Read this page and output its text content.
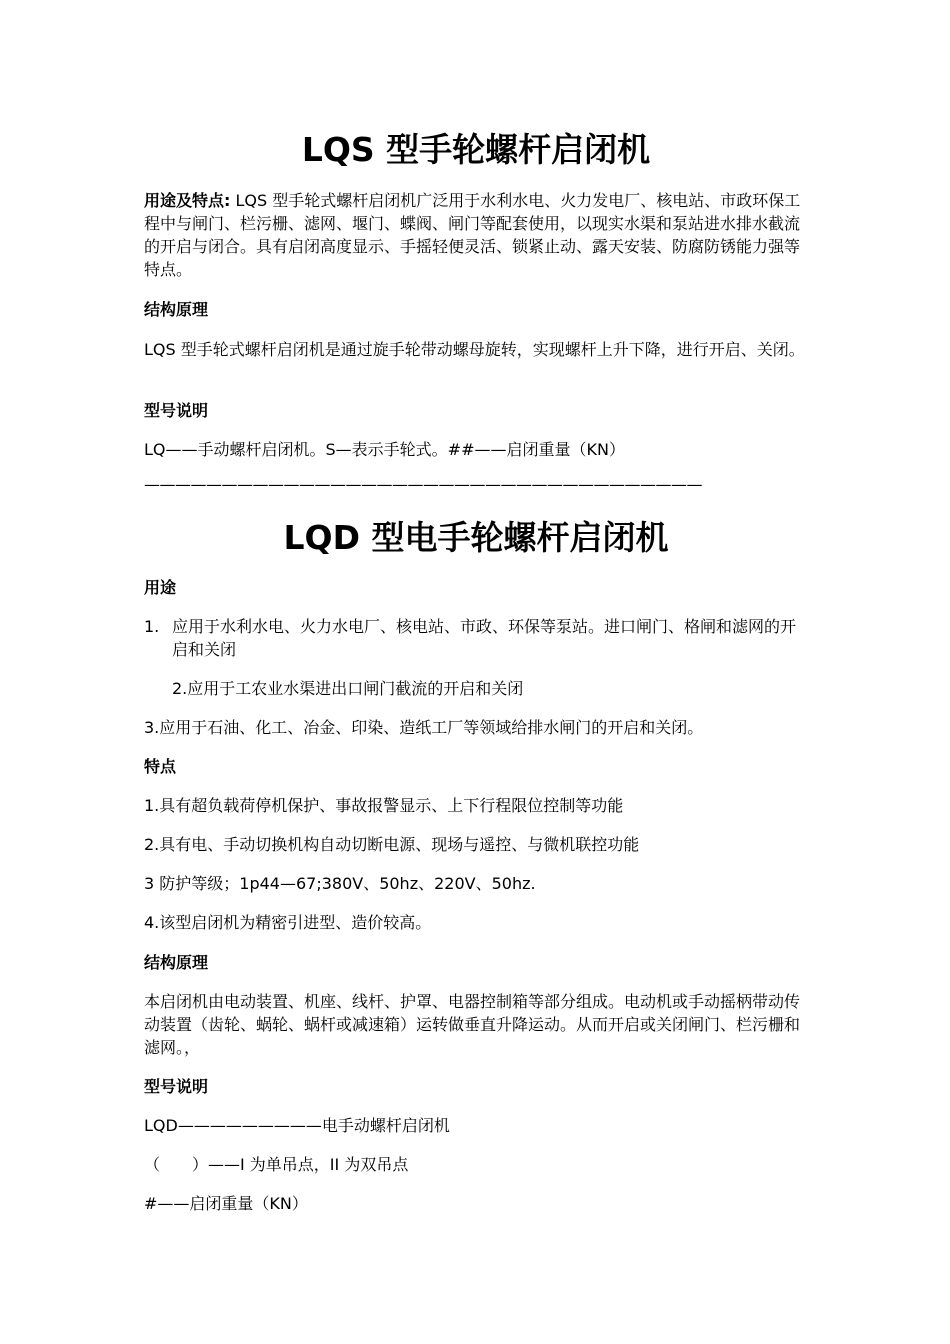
LQS 型手轮螺杆启闭机

用途及特点: LQS 型手轮式螺杆启闭机广泛用于水利水电、火力发电厂、核电站、市政环保工程中与闸门、栏污栅、滤网、堰门、蝶阀、闸门等配套使用，以现实水渠和泵站进水排水截流的开启与闭合。具有启闭高度显示、手摇轻便灵活、锁紧止动、露天安装、防腐防锈能力强等特点。

结构原理

LQS 型手轮式螺杆启闭机是通过旋手轮带动螺母旋转，实现螺杆上升下降，进行开启、关闭。

型号说明
LQ——手动螺杆启闭机。S—表示手轮式。##——启闭重量（KN）
————————————————————————————————————
LQD 型电手轮螺杆启闭机
用途
1. 应用于水利水电、火力水电厂、核电站、市政、环保等泵站。进口闸门、格闸和滤网的开启和关闭
2.应用于工农业水渠进出口闸门截流的开启和关闭
3.应用于石油、化工、冶金、印染、造纸工厂等领域给排水闸门的开启和关闭。
特点
1.具有超负载荷停机保护、事故报警显示、上下行程限位控制等功能
2.具有电、手动切换机构自动切断电源、现场与遥控、与微机联控功能
3 防护等级；1p44—67;380V、50hz、220V、50hz.
4.该型启闭机为精密引进型、造价较高。
结构原理

本启闭机由电动装置、机座、线杆、护罩、电器控制箱等部分组成。电动机或手动摇柄带动传动装置（齿轮、蜗轮、蜗杆或减速箱）运转做垂直升降运动。从而开启或关闭闸门、栏污栅和滤网。，

型号说明
LQD—————————电手动螺杆启闭机
（　　）——I 为单吊点，II 为双吊点
#——启闭重量（KN）
